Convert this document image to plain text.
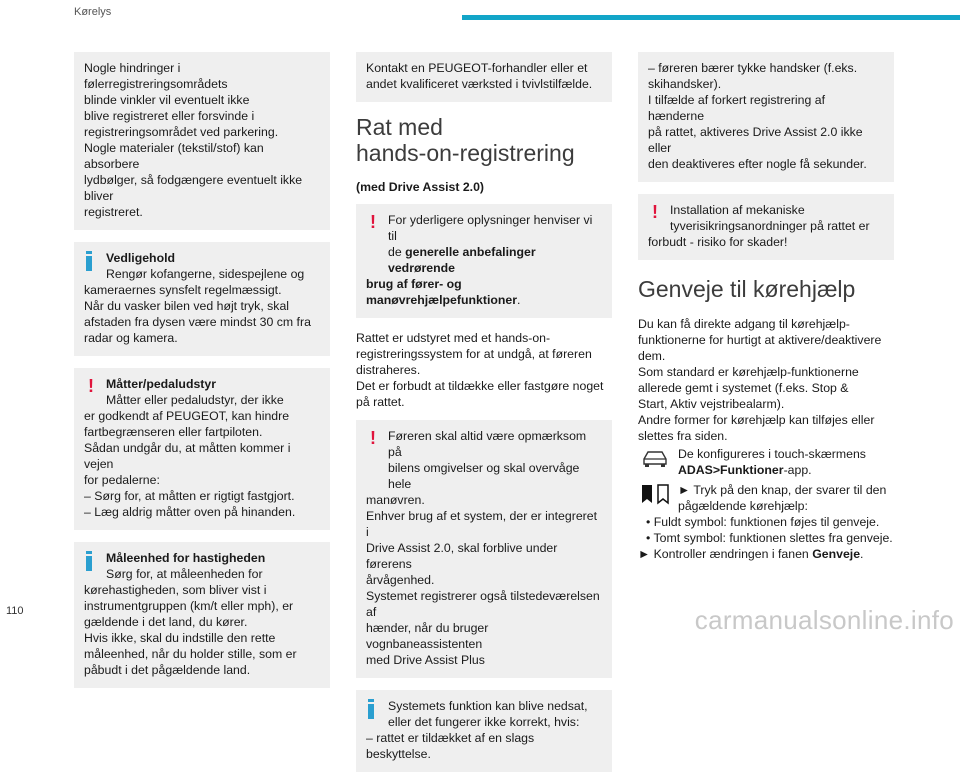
Kørelys
Nogle hindringer i følerregistreringsområdets
blinde vinkler vil eventuelt ikke
blive registreret eller forsvinde i
registreringsområdet ved parkering.
Nogle materialer (tekstil/stof) kan absorbere
lydbølger, så fodgængere eventuelt ikke bliver
registreret.
Vedligehold
Rengør kofangerne, sidespejlene og
kameraernes synsfelt regelmæssigt.
Når du vasker bilen ved højt tryk, skal
afstaden fra dysen være mindst 30 cm fra
radar og kamera.
! Måtter/pedaludstyr
Måtter eller pedaludstyr, der ikke
er godkendt af PEUGEOT, kan hindre
fartbegrænseren eller fartpiloten.
Sådan undgår du, at måtten kommer i vejen
for pedalerne:
– Sørg for, at måtten er rigtigt fastgjort.
– Læg aldrig måtter oven på hinanden.
Måleenhed for hastigheden
Sørg for, at måleenheden for
kørehastigheden, som bliver vist i
instrumentgruppen (km/t eller mph), er
gældende i det land, du kører.
Hvis ikke, skal du indstille den rette
måleenhed, når du holder stille, som er
påbudt i det pågældende land.
Kontakt en PEUGEOT-forhandler eller et
andet kvalificeret værksted i tvivlstilfælde.
Rat med
hands-on-registrering
(med Drive Assist 2.0)
! For yderligere oplysninger henviser vi til
de generelle anbefalinger vedrørende
brug af fører- og
manøvrehjælpefunktioner.
Rattet er udstyret med et hands-on-
registreringssystem for at undgå, at føreren
distraheres.
Det er forbudt at tildække eller fastgøre noget
på rattet.
! Føreren skal altid være opmærksom på
bilens omgivelser og skal overvåge hele
manøvren.
Enhver brug af et system, der er integreret i
Drive Assist 2.0, skal forblive under førerens
årvågenhed.
Systemet registrerer også tilstedeværelsen af
hænder, når du bruger vognbaneassistenten
med Drive Assist Plus
Systemets funktion kan blive nedsat,
eller det fungerer ikke korrekt, hvis:
– rattet er tildækket af en slags beskyttelse.
– føreren bærer tykke handsker (f.eks.
skihandsker).
I tilfælde af forkert registrering af hænderne
på rattet, aktiveres Drive Assist 2.0 ikke eller
den deaktiveres efter nogle få sekunder.
! Installation af mekaniske
tyverisikringsanordninger på rattet er
forbudt - risiko for skader!
Genveje til kørehjælp
Du kan få direkte adgang til kørehjælp-
funktionerne for hurtigt at aktivere/deaktivere
dem.
Som standard er kørehjælp-funktionerne
allerede gemt i systemet (f.eks. Stop &
Start, Aktiv vejstribealarm).
Andre former for kørehjælp kan tilføjes eller
slettes fra siden.
De konfigureres i touch-skærmens
ADAS>Funktioner-app.
► Tryk på den knap, der svarer til den
pågældende kørehjælp:
• Fuldt symbol: funktionen føjes til genveje.
• Tomt symbol: funktionen slettes fra genveje.
► Kontroller ændringen i fanen Genveje.
110	carmanualsonline.info
